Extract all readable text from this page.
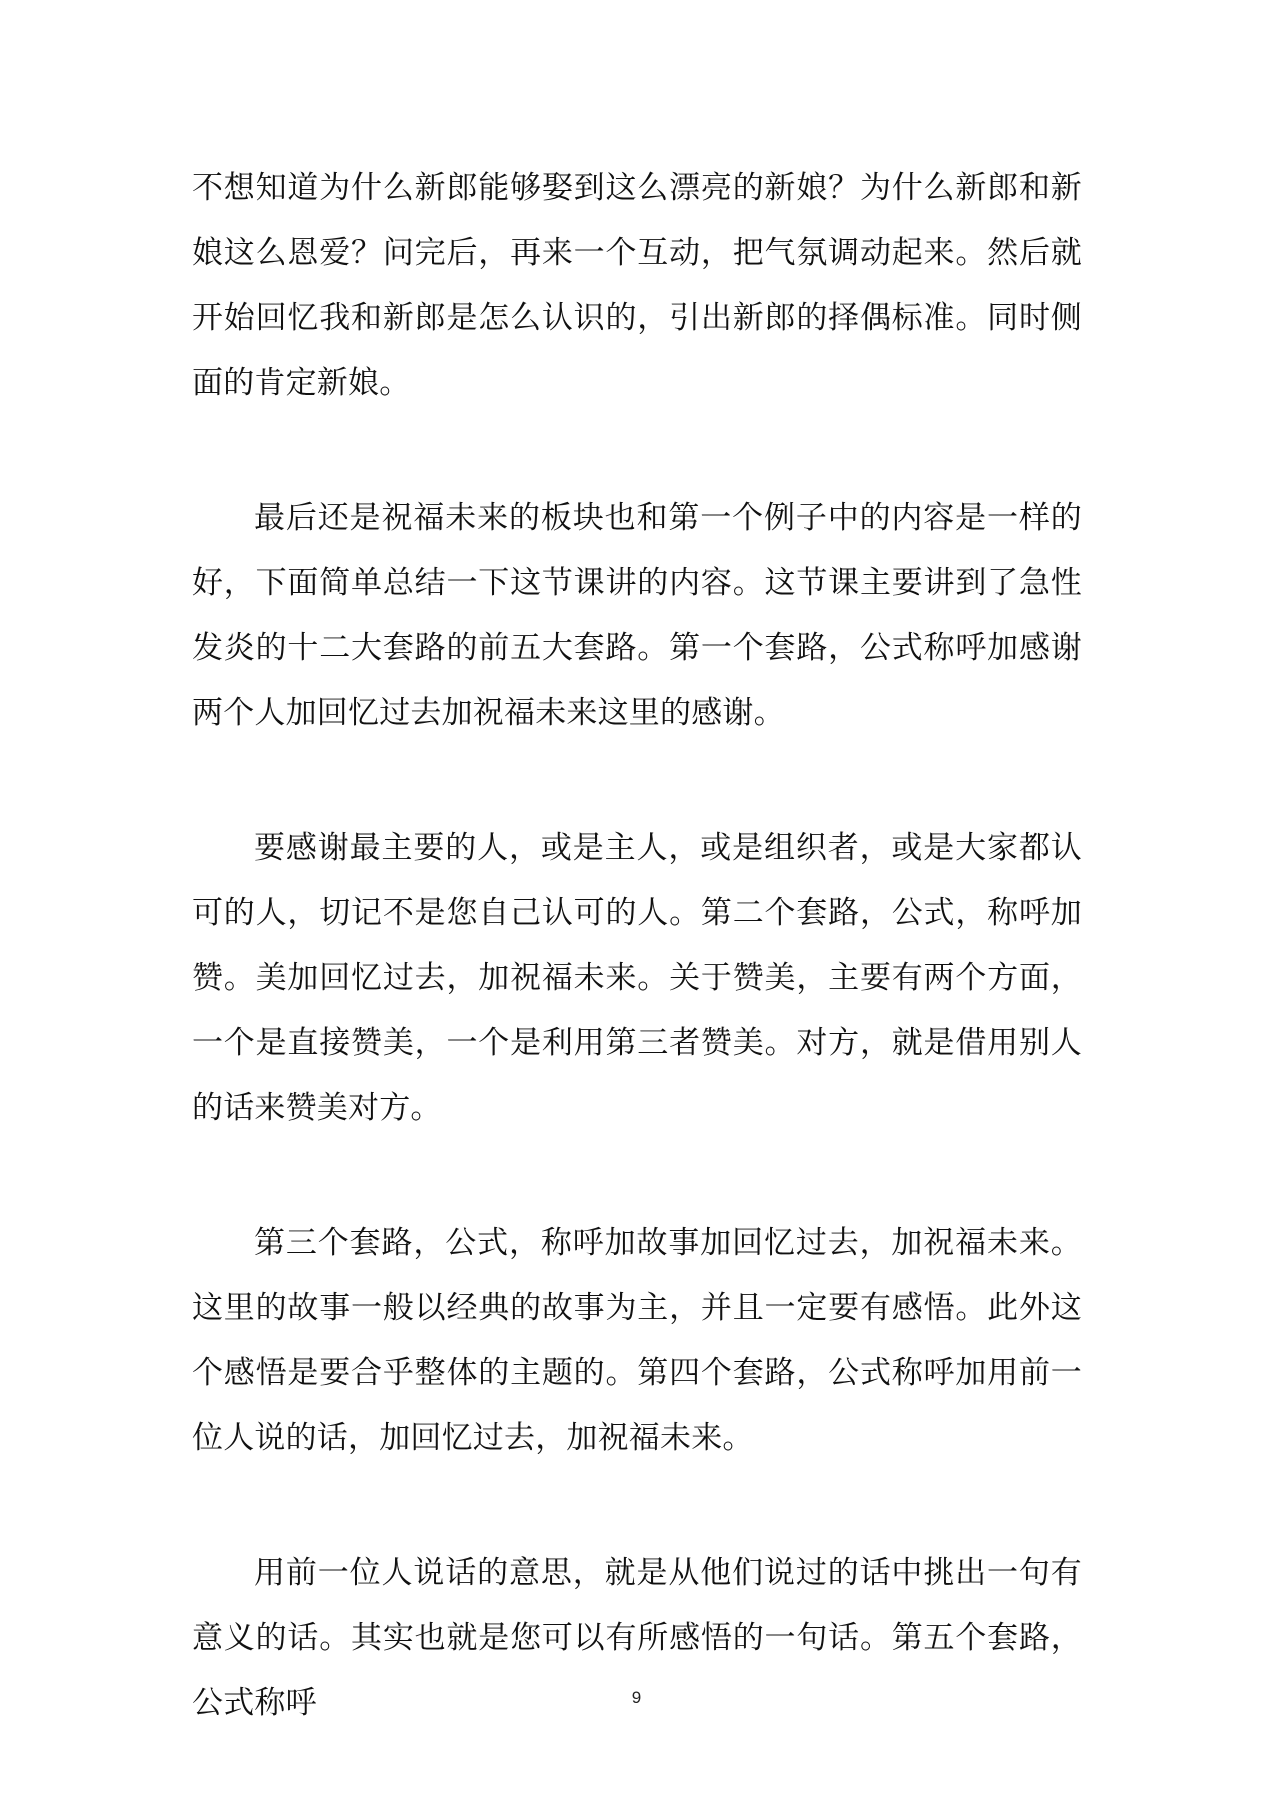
不想知道为什么新郎能够娶到这么漂亮的新娘？为什么新郎和新娘这么恩爱？问完后，再来一个互动，把气氛调动起来。然后就开始回忆我和新郎是怎么认识的，引出新郎的择偶标准。同时侧面的肯定新娘。

最后还是祝福未来的板块也和第一个例子中的内容是一样的好，下面简单总结一下这节课讲的内容。这节课主要讲到了急性发炎的十二大套路的前五大套路。第一个套路，公式称呼加感谢两个人加回忆过去加祝福未来这里的感谢。

要感谢最主要的人，或是主人，或是组织者，或是大家都认可的人，切记不是您自己认可的人。第二个套路，公式，称呼加赞。美加回忆过去，加祝福未来。关于赞美，主要有两个方面，一个是直接赞美，一个是利用第三者赞美。对方，就是借用别人的话来赞美对方。

第三个套路，公式，称呼加故事加回忆过去，加祝福未来。这里的故事一般以经典的故事为主，并且一定要有感悟。此外这个感悟是要合乎整体的主题的。第四个套路，公式称呼加用前一位人说的话，加回忆过去，加祝福未来。

用前一位人说话的意思，就是从他们说过的话中挑出一句有意义的话。其实也就是您可以有所感悟的一句话。第五个套路，公式称呼	9
